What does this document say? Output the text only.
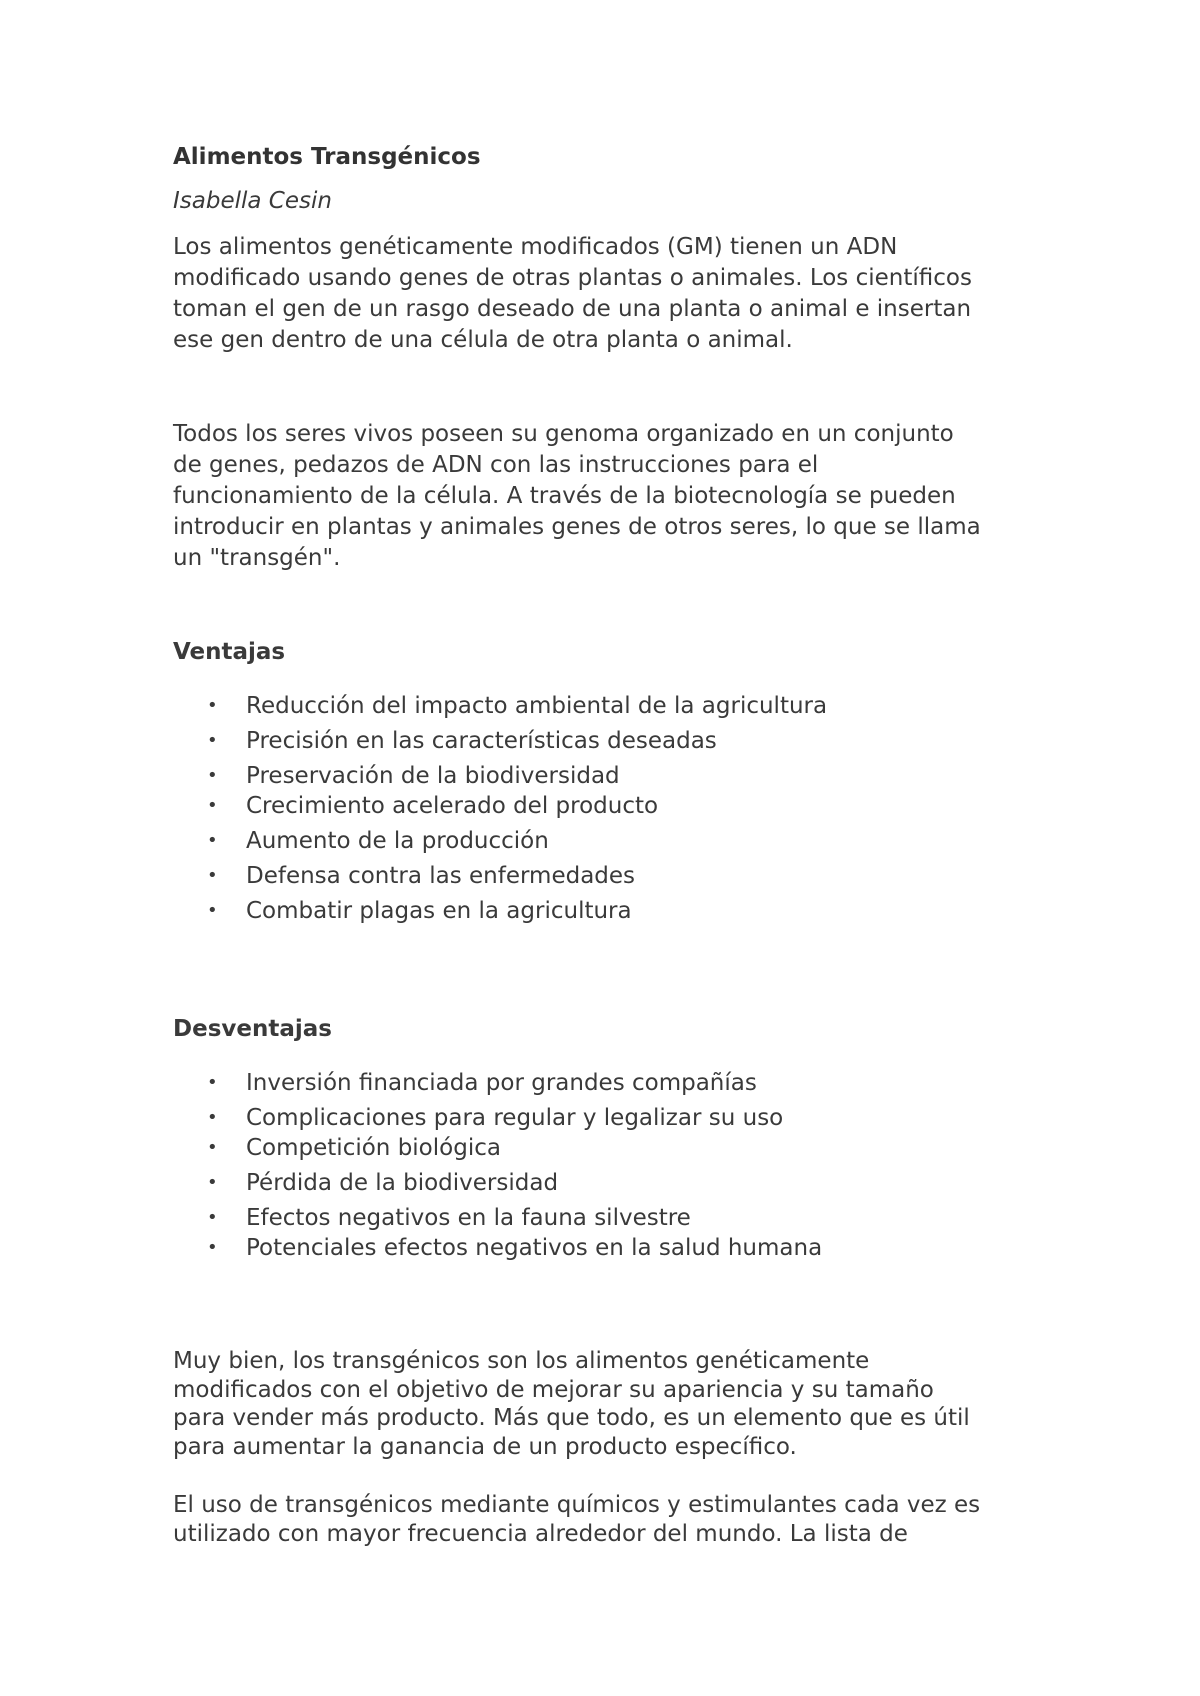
Alimentos Transgénicos

Isabella Cesin

Los alimentos genéticamente modificados (GM) tienen un ADN
modificado usando genes de otras plantas o animales. Los científicos
toman el gen de un rasgo deseado de una planta o animal e insertan
ese gen dentro de una célula de otra planta o animal.

Todos los seres vivos poseen su genoma organizado en un conjunto
de genes, pedazos de ADN con las instrucciones para el
funcionamiento de la célula. A través de la biotecnología se pueden
introducir en plantas y animales genes de otros seres, lo que se llama
un "transgén".

Ventajas
• Reducción del impacto ambiental de la agricultura
• Precisión en las características deseadas
• Preservación de la biodiversidad
• Crecimiento acelerado del producto
• Aumento de la producción
• Defensa contra las enfermedades
• Combatir plagas en la agricultura
Desventajas
• Inversión financiada por grandes compañías
• Complicaciones para regular y legalizar su uso
• Competición biológica
• Pérdida de la biodiversidad
• Efectos negativos en la fauna silvestre
• Potenciales efectos negativos en la salud humana

Muy bien, los transgénicos son los alimentos genéticamente
modificados con el objetivo de mejorar su apariencia y su tamaño
para vender más producto. Más que todo, es un elemento que es útil
para aumentar la ganancia de un producto específico.

El uso de transgénicos mediante químicos y estimulantes cada vez es
utilizado con mayor frecuencia alrededor del mundo. La lista de
